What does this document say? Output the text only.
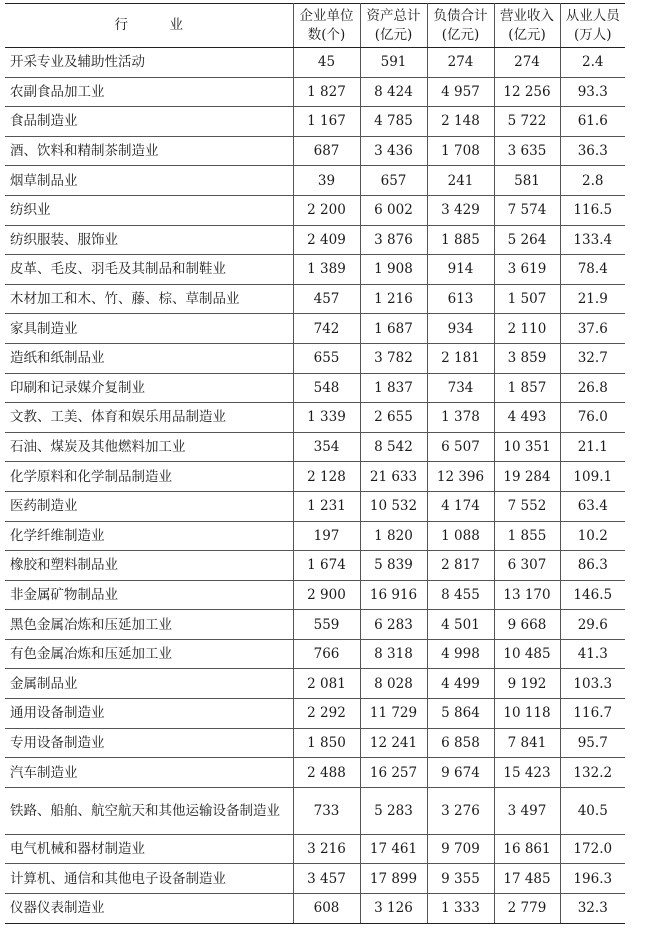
行　业	企业单位数(个)	资产总计(亿元)	负债合计(亿元)	营业收入(亿元)	从业人员(万人)
开采专业及辅助性活动	45	591	274	274	2.4
农副食品加工业	1 827	8 424	4 957	12 256	93.3
食品制造业	1 167	4 785	2 148	5 722	61.6
酒、饮料和精制茶制造业	687	3 436	1 708	3 635	36.3
烟草制品业	39	657	241	581	2.8
纺织业	2 200	6 002	3 429	7 574	116.5
纺织服装、服饰业	2 409	3 876	1 885	5 264	133.4
皮革、毛皮、羽毛及其制品和制鞋业	1 389	1 908	914	3 619	78.4
木材加工和木、竹、藤、棕、草制品业	457	1 216	613	1 507	21.9
家具制造业	742	1 687	934	2 110	37.6
造纸和纸制品业	655	3 782	2 181	3 859	32.7
印刷和记录媒介复制业	548	1 837	734	1 857	26.8
文教、工美、体育和娱乐用品制造业	1 339	2 655	1 378	4 493	76.0
石油、煤炭及其他燃料加工业	354	8 542	6 507	10 351	21.1
化学原料和化学制品制造业	2 128	21 633	12 396	19 284	109.1
医药制造业	1 231	10 532	4 174	7 552	63.4
化学纤维制造业	197	1 820	1 088	1 855	10.2
橡胶和塑料制品业	1 674	5 839	2 817	6 307	86.3
非金属矿物制品业	2 900	16 916	8 455	13 170	146.5
黑色金属冶炼和压延加工业	559	6 283	4 501	9 668	29.6
有色金属冶炼和压延加工业	766	8 318	4 998	10 485	41.3
金属制品业	2 081	8 028	4 499	9 192	103.3
通用设备制造业	2 292	11 729	5 864	10 118	116.7
专用设备制造业	1 850	12 241	6 858	7 841	95.7
汽车制造业	2 488	16 257	9 674	15 423	132.2
铁路、船舶、航空航天和其他运输设备制造业	733	5 283	3 276	3 497	40.5
电气机械和器材制造业	3 216	17 461	9 709	16 861	172.0
计算机、通信和其他电子设备制造业	3 457	17 899	9 355	17 485	196.3
仪器仪表制造业	608	3 126	1 333	2 779	32.3
